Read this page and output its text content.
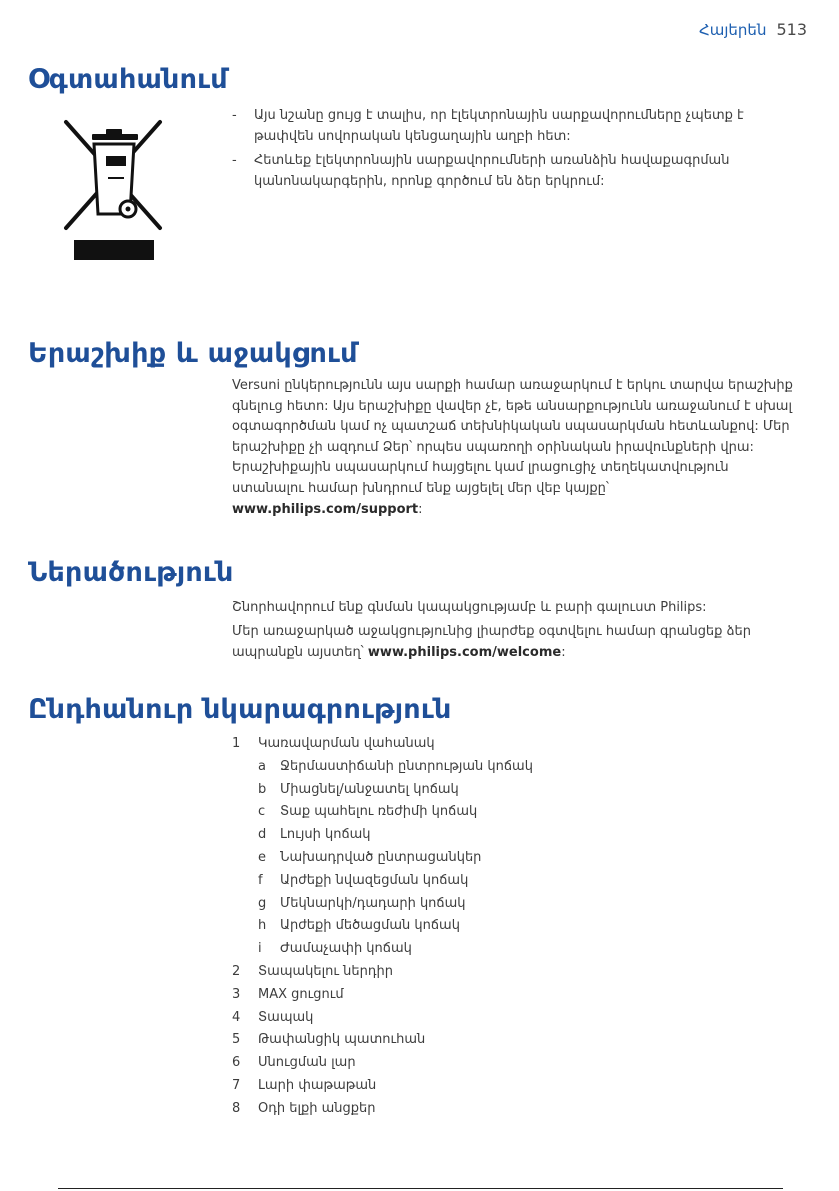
Հայերեն 513
Օգտահանում
-	Այս նշանը ցույց է տալիս, որ էլեկտրոնային սարքավորումները չպետք է թափվեն սովորական կենցաղային աղբի հետ:
-	Հետևեք էլեկտրոնային սարքավորումների առանձին հավաքագրման կանոնակարգերին, որոնք գործում են ձեր երկրում:
Երաշխիք և աջակցում

Versuni ընկերությունն այս սարքի համար առաջարկում է երկու տարվա երաշխիք գնելուց հետո: Այս երաշխիքը վավեր չէ, եթե անսարքությունն առաջանում է սխալ օգտագործման կամ ոչ պատշաճ տեխնիկական սպասարկման հետևանքով: Մեր երաշխիքը չի ազդում Ձեր՝ որպես սպառողի օրինական իրավունքների վրա: Երաշխիքային սպասարկում հայցելու կամ լրացուցիչ տեղեկատվություն ստանալու համար խնդրում ենք այցելել մեր վեբ կայքը՝ www.philips.com/support:

Ներածություն

Շնորհավորում ենք գնման կապակցությամբ և բարի գալուստ Philips:

Մեր առաջարկած աջակցությունից լիարժեք օգտվելու համար գրանցեք ձեր ապրանքն այստեղ՝ www.philips.com/welcome:

Ընդհանուր նկարագրություն
1	Կառավարման վահանակ
a	Ջերմաստիճանի ընտրության կոճակ
b	Միացնել/անջատել կոճակ
c	Տաք պահելու ռեժիմի կոճակ
d	Լույսի կոճակ
e	Նախադրված ընտրացանկեր
f	Արժեքի նվազեցման կոճակ
g	Մեկնարկի/դադարի կոճակ
h	Արժեքի մեծացման կոճակ
i	Ժամաչափի կոճակ
2	Տապակելու ներդիր
3	MAX ցուցում
4	Տապակ
5	Թափանցիկ պատուհան
6	Սնուցման լար
7	Լարի փաթաթան
8	Օդի ելքի անցքեր
